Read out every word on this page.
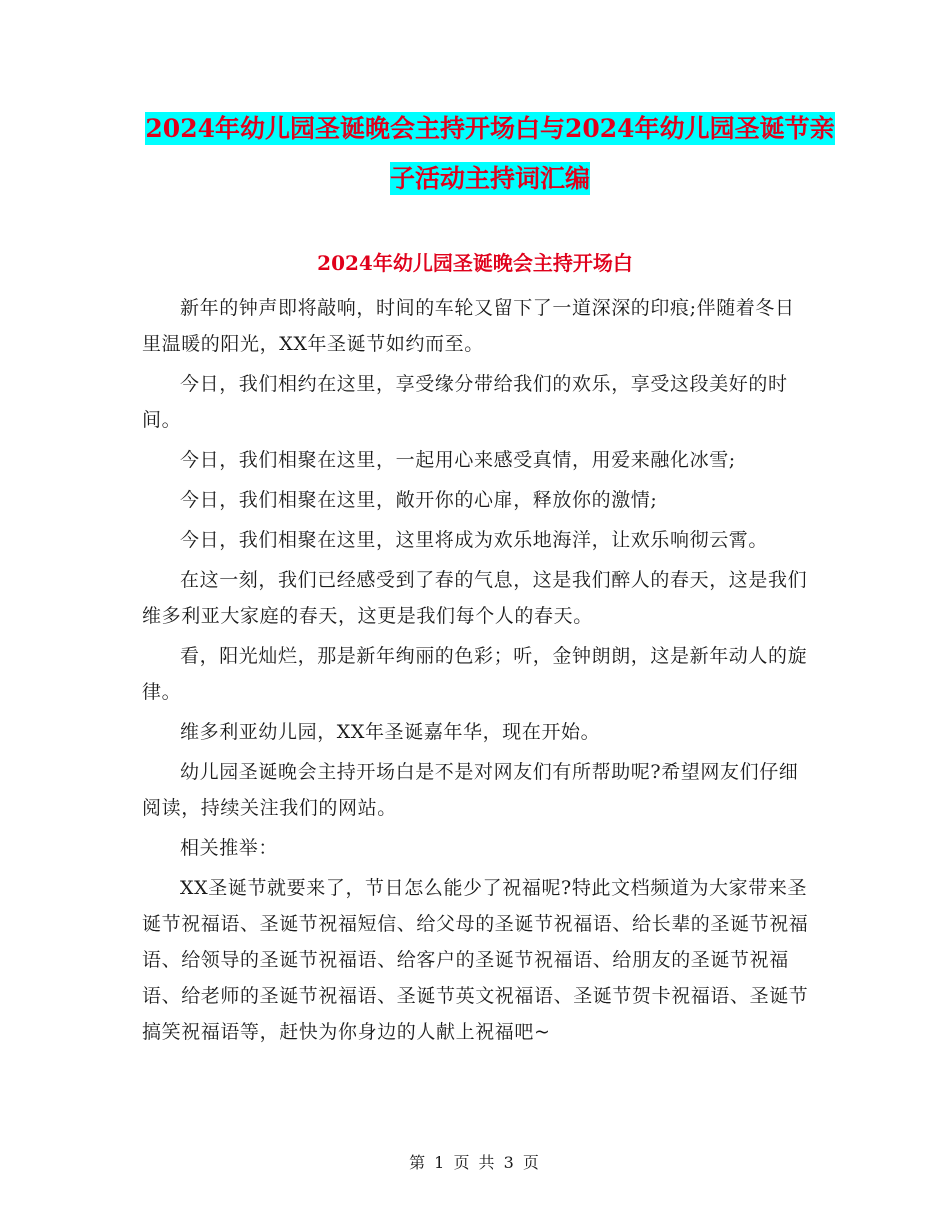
2024年幼儿园圣诞晚会主持开场白与2024年幼儿园圣诞节亲子活动主持词汇编
2024年幼儿园圣诞晚会主持开场白

新年的钟声即将敲响，时间的车轮又留下了一道深深的印痕;伴随着冬日里温暖的阳光，XX年圣诞节如约而至。

今日，我们相约在这里，享受缘分带给我们的欢乐，享受这段美好的时间。

今日，我们相聚在这里，一起用心来感受真情，用爱来融化冰雪;

今日，我们相聚在这里，敞开你的心扉，释放你的激情;

今日，我们相聚在这里，这里将成为欢乐地海洋，让欢乐响彻云霄。

在这一刻，我们已经感受到了春的气息，这是我们醉人的春天，这是我们维多利亚大家庭的春天，这更是我们每个人的春天。

看，阳光灿烂，那是新年绚丽的色彩；听，金钟朗朗，这是新年动人的旋律。

维多利亚幼儿园，XX年圣诞嘉年华，现在开始。

幼儿园圣诞晚会主持开场白是不是对网友们有所帮助呢?希望网友们仔细阅读，持续关注我们的网站。

相关推举：

XX圣诞节就要来了，节日怎么能少了祝福呢?特此文档频道为大家带来圣诞节祝福语、圣诞节祝福短信、给父母的圣诞节祝福语、给长辈的圣诞节祝福语、给领导的圣诞节祝福语、给客户的圣诞节祝福语、给朋友的圣诞节祝福语、给老师的圣诞节祝福语、圣诞节英文祝福语、圣诞节贺卡祝福语、圣诞节搞笑祝福语等，赶快为你身边的人献上祝福吧~

第 1 页 共 3 页
